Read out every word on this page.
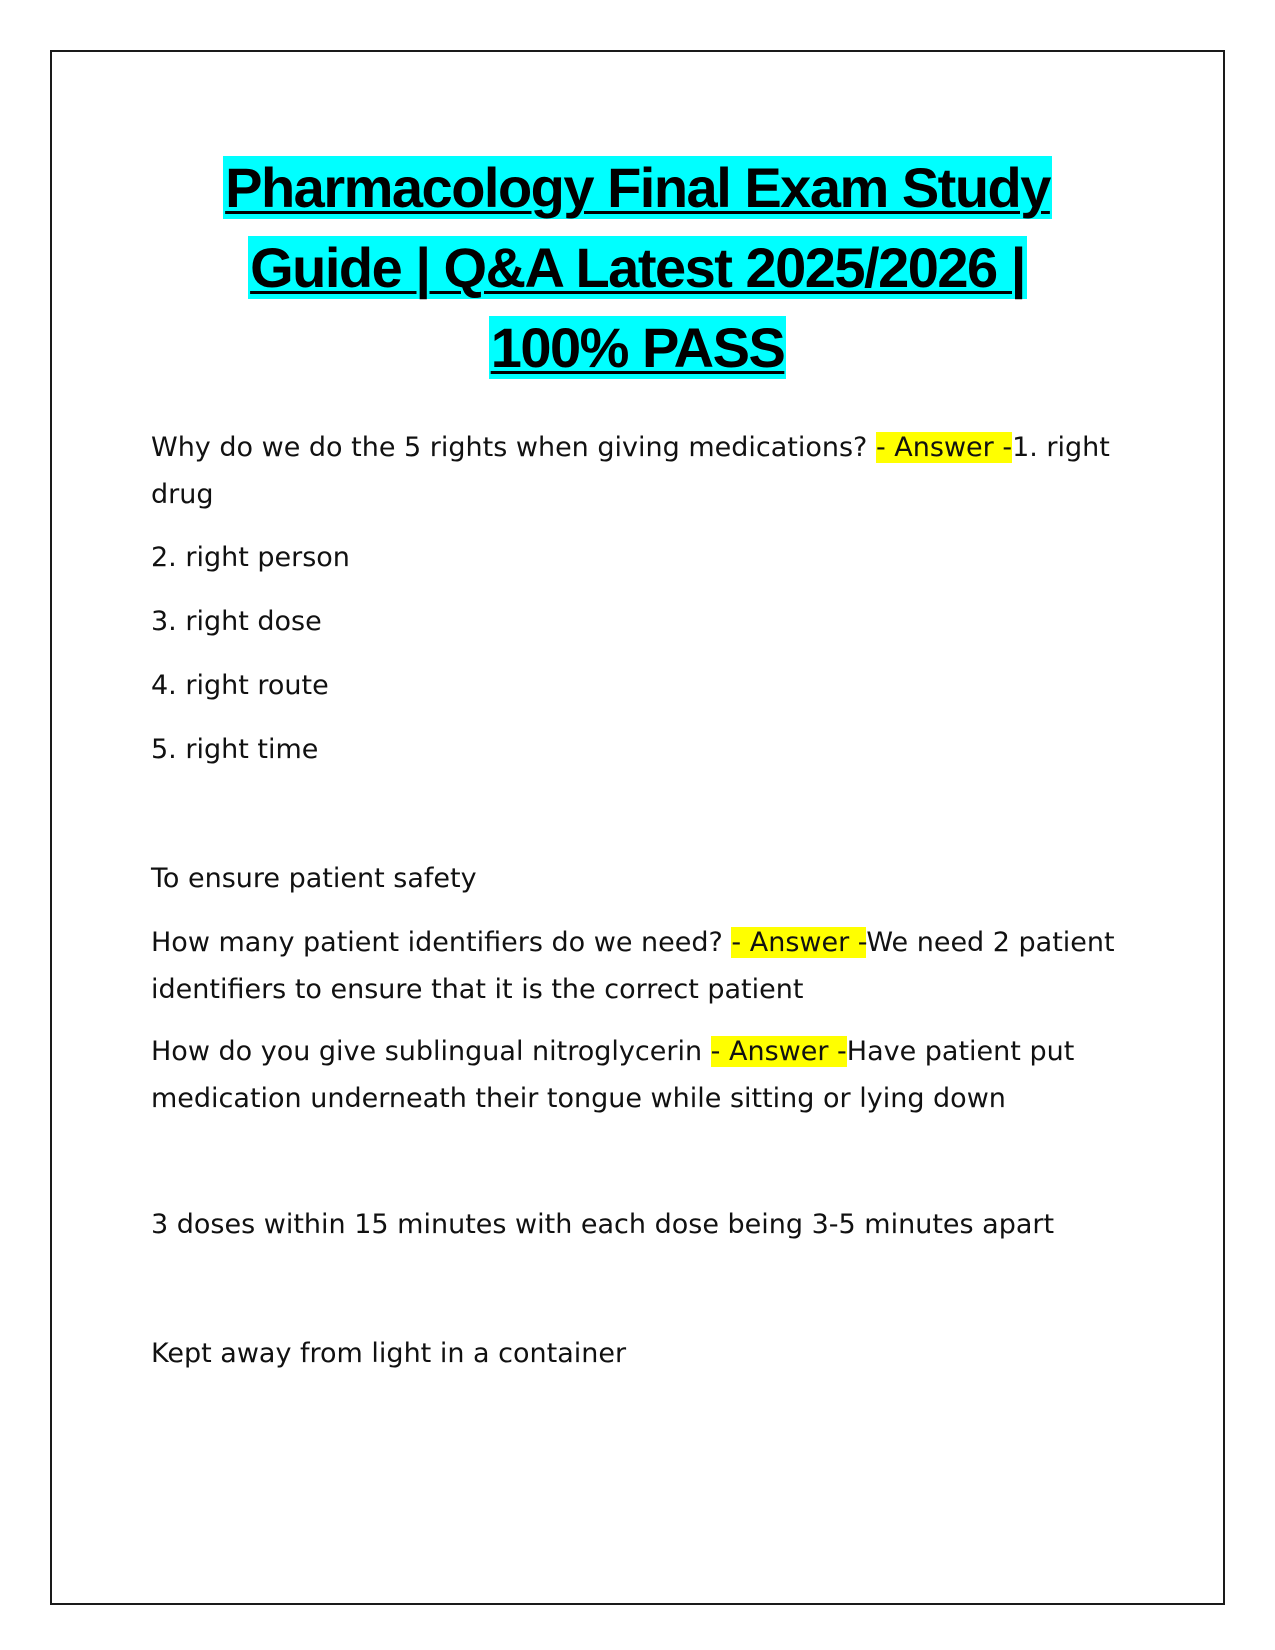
Pharmacology Final Exam Study
Guide | Q&A Latest 2025/2026 |
100% PASS

Why do we do the 5 rights when giving medications? - Answer -1. right drug

2. right person

3. right dose

4. right route

5. right time

To ensure patient safety

How many patient identifiers do we need? - Answer -We need 2 patient identifiers to ensure that it is the correct patient

How do you give sublingual nitroglycerin - Answer -Have patient put medication underneath their tongue while sitting or lying down

3 doses within 15 minutes with each dose being 3-5 minutes apart

Kept away from light in a container
